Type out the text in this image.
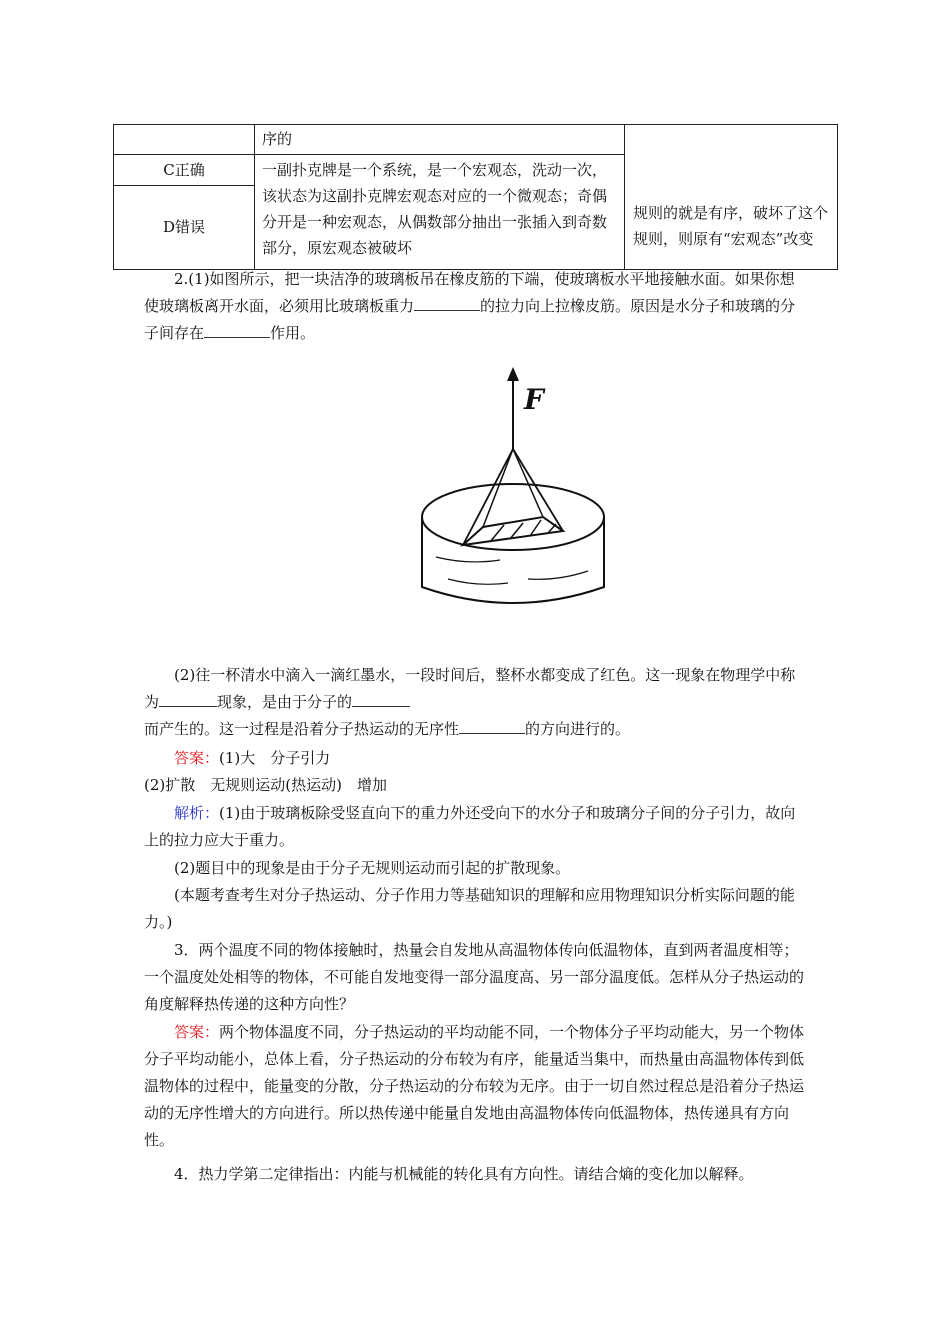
	序的	规则的就是有序，破坏了这个规则，则原有“宏观态”改变

C正确	一副扑克牌是一个系统，是一个宏观态，洗动一次，该状态为这副扑克牌宏观态对应的一个微观态；奇偶分开是一种宏观态，从偶数部分抽出一张插入到奇数部分，原宏观态被破坏	
D错误		

2.(1)如图所示，把一块洁净的玻璃板吊在橡皮筋的下端，使玻璃板水平地接触水面。如果你想使玻璃板离开水面，必须用比玻璃板重力	的拉力向上拉橡皮筋。原因是水分子和玻璃的分子间存在	作用。

F

(2)往一杯清水中滴入一滴红墨水，一段时间后，整杯水都变成了红色。这一现象在物理学中称为	现象，是由于分子的
而产生的。这一过程是沿着分子热运动的无序性	的方向进行的。

答案：(1)大　分子引力
(2)扩散　无规则运动(热运动)　增加

解析：(1)由于玻璃板除受竖直向下的重力外还受向下的水分子和玻璃分子间的分子引力，故向上的拉力应大于重力。

(2)题目中的现象是由于分子无规则运动而引起的扩散现象。

(本题考查考生对分子热运动、分子作用力等基础知识的理解和应用物理知识分析实际问题的能力。)

3．两个温度不同的物体接触时，热量会自发地从高温物体传向低温物体，直到两者温度相等；一个温度处处相等的物体，不可能自发地变得一部分温度高、另一部分温度低。怎样从分子热运动的角度解释热传递的这种方向性？

答案：两个物体温度不同，分子热运动的平均动能不同，一个物体分子平均动能大，另一个物体分子平均动能小，总体上看，分子热运动的分布较为有序，能量适当集中，而热量由高温物体传到低温物体的过程中，能量变的分散，分子热运动的分布较为无序。由于一切自然过程总是沿着分子热运动的无序性增大的方向进行。所以热传递中能量自发地由高温物体传向低温物体，热传递具有方向性。

4．热力学第二定律指出：内能与机械能的转化具有方向性。请结合熵的变化加以解释。
